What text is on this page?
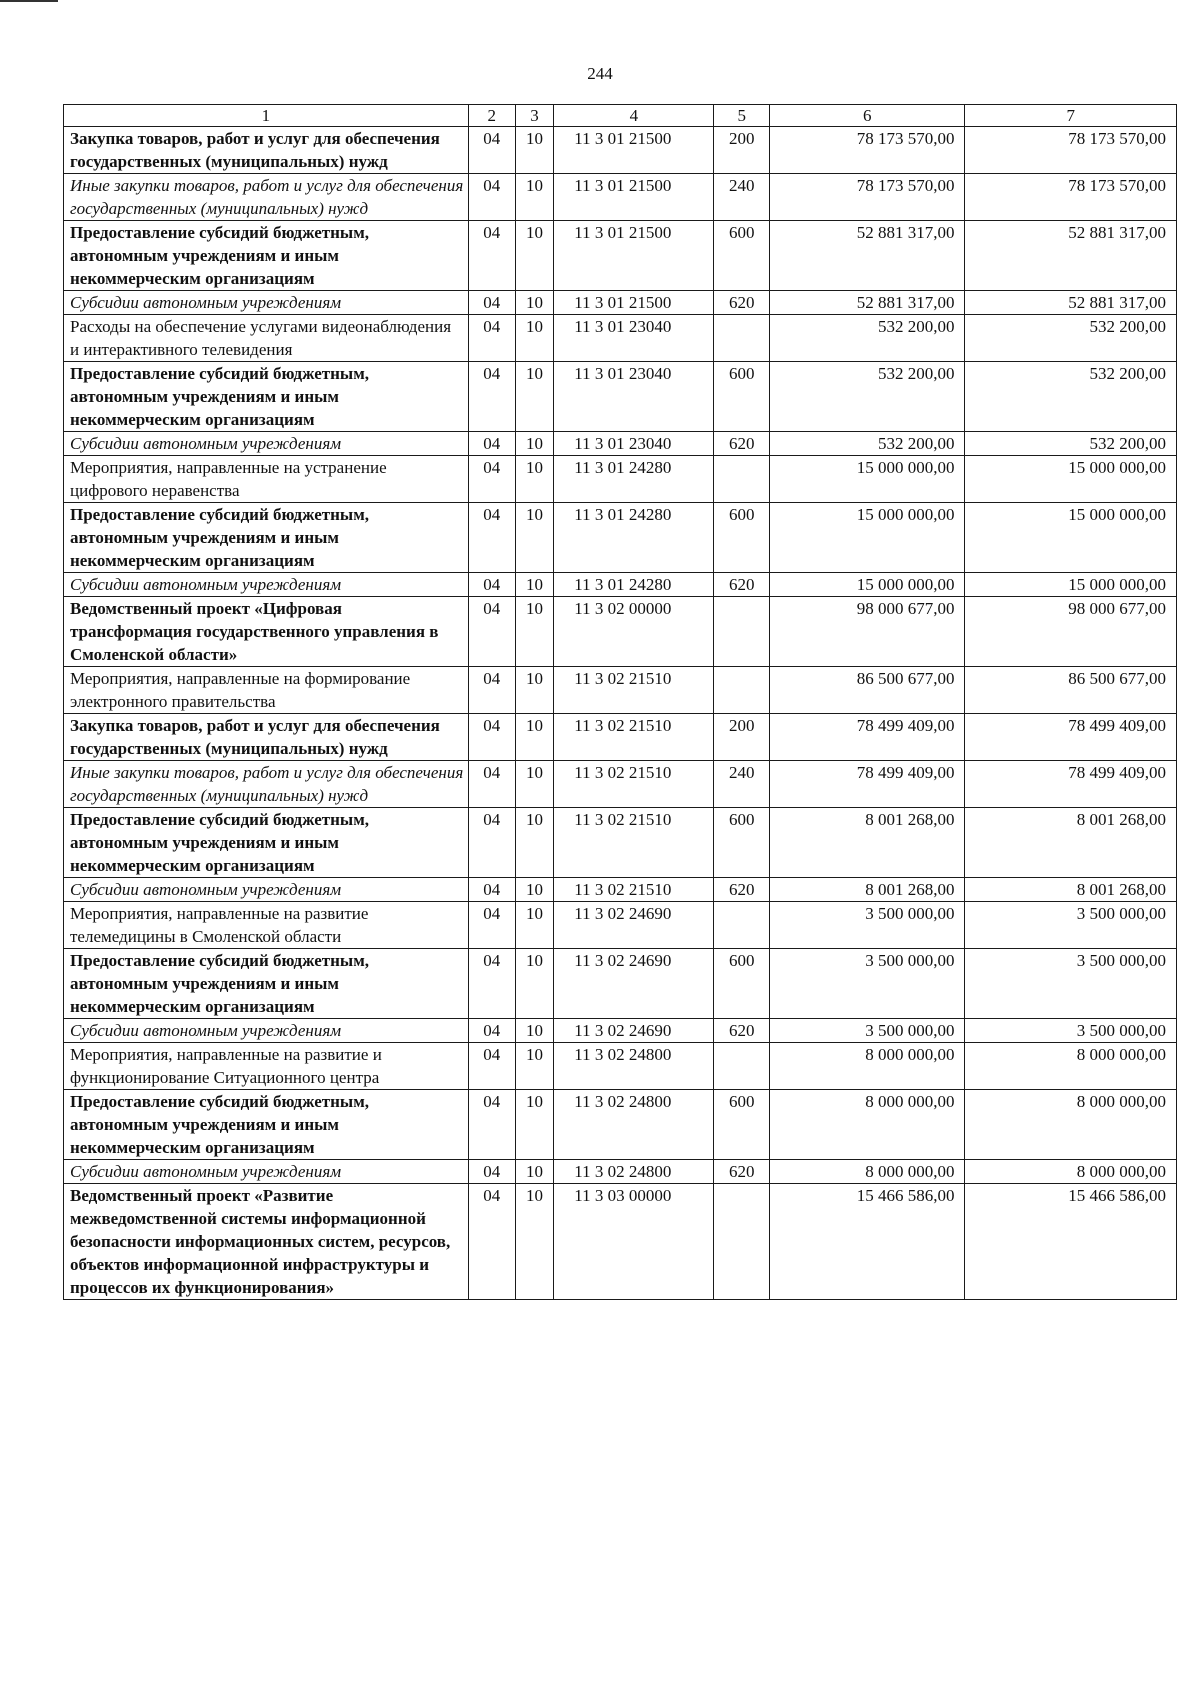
244
1	2	3	4	5	6	7
Закупка товаров, работ и услуг для обеспечения государственных (муниципальных) нужд	04	10	11 3 01 21500	200	78 173 570,00	78 173 570,00
Иные закупки товаров, работ и услуг для обеспечения государственных (муниципальных) нужд	04	10	11 3 01 21500	240	78 173 570,00	78 173 570,00
Предоставление субсидий бюджетным, автономным учреждениям и иным некоммерческим организациям	04	10	11 3 01 21500	600	52 881 317,00	52 881 317,00
Субсидии автономным учреждениям	04	10	11 3 01 21500	620	52 881 317,00	52 881 317,00
Расходы на обеспечение услугами видеонаблюдения и интерактивного телевидения	04	10	11 3 01 23040		532 200,00	532 200,00
Предоставление субсидий бюджетным, автономным учреждениям и иным некоммерческим организациям	04	10	11 3 01 23040	600	532 200,00	532 200,00
Субсидии автономным учреждениям	04	10	11 3 01 23040	620	532 200,00	532 200,00
Мероприятия, направленные на устранение цифрового неравенства	04	10	11 3 01 24280		15 000 000,00	15 000 000,00
Предоставление субсидий бюджетным, автономным учреждениям и иным некоммерческим организациям	04	10	11 3 01 24280	600	15 000 000,00	15 000 000,00
Субсидии автономным учреждениям	04	10	11 3 01 24280	620	15 000 000,00	15 000 000,00
Ведомственный проект «Цифровая трансформация государственного управления в Смоленской области»	04	10	11 3 02 00000		98 000 677,00	98 000 677,00
Мероприятия, направленные на формирование электронного правительства	04	10	11 3 02 21510		86 500 677,00	86 500 677,00
Закупка товаров, работ и услуг для обеспечения государственных (муниципальных) нужд	04	10	11 3 02 21510	200	78 499 409,00	78 499 409,00
Иные закупки товаров, работ и услуг для обеспечения государственных (муниципальных) нужд	04	10	11 3 02 21510	240	78 499 409,00	78 499 409,00
Предоставление субсидий бюджетным, автономным учреждениям и иным некоммерческим организациям	04	10	11 3 02 21510	600	8 001 268,00	8 001 268,00
Субсидии автономным учреждениям	04	10	11 3 02 21510	620	8 001 268,00	8 001 268,00
Мероприятия, направленные на развитие телемедицины в Смоленской области	04	10	11 3 02 24690		3 500 000,00	3 500 000,00
Предоставление субсидий бюджетным, автономным учреждениям и иным некоммерческим организациям	04	10	11 3 02 24690	600	3 500 000,00	3 500 000,00
Субсидии автономным учреждениям	04	10	11 3 02 24690	620	3 500 000,00	3 500 000,00
Мероприятия, направленные на развитие и функционирование Ситуационного центра	04	10	11 3 02 24800		8 000 000,00	8 000 000,00
Предоставление субсидий бюджетным, автономным учреждениям и иным некоммерческим организациям	04	10	11 3 02 24800	600	8 000 000,00	8 000 000,00
Субсидии автономным учреждениям	04	10	11 3 02 24800	620	8 000 000,00	8 000 000,00
Ведомственный проект «Развитие межведомственной системы информационной безопасности информационных систем, ресурсов, объектов информационной инфраструктуры и процессов их функционирования»	04	10	11 3 03 00000		15 466 586,00	15 466 586,00
